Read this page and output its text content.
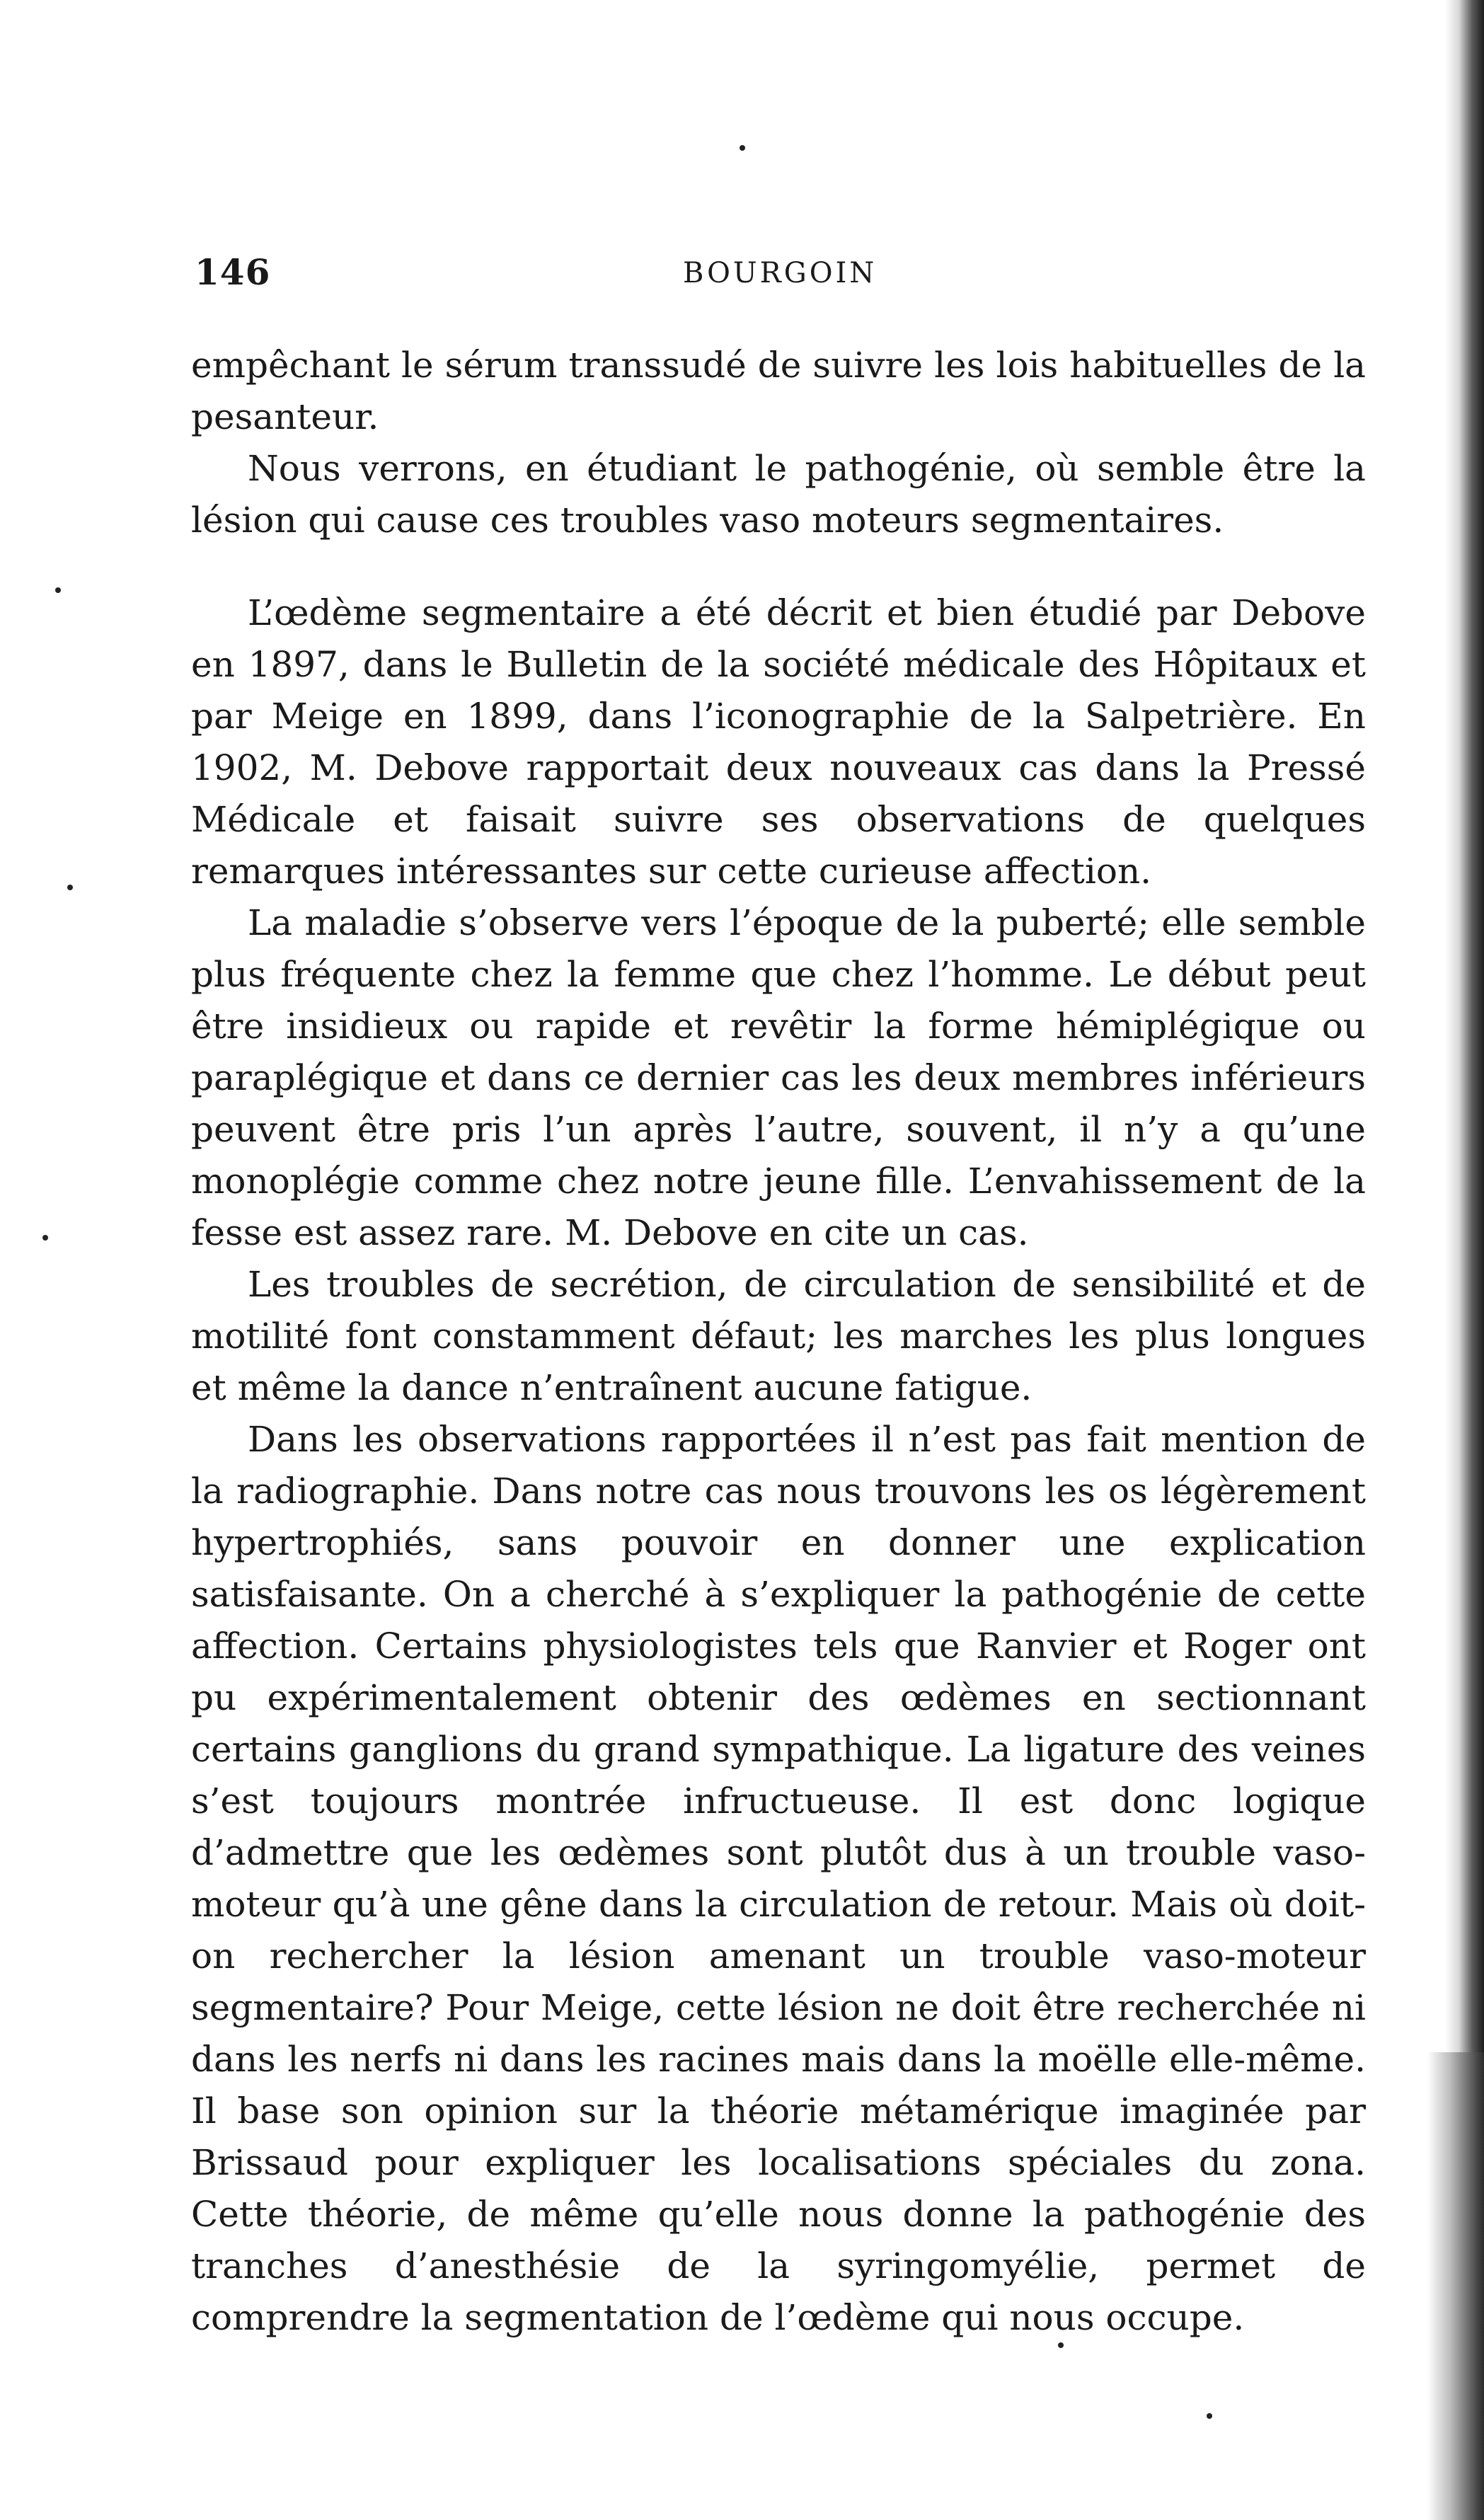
146	BOURGOIN

empêchant le sérum transsudé de suivre les lois habituelles de la pesanteur.

Nous verrons, en étudiant le pathogénie, où semble être la lésion qui cause ces troubles vaso moteurs segmentaires.

L’œdème segmentaire a été décrit et bien étudié par Debove en 1897, dans le Bulletin de la société médicale des Hôpitaux et par Meige en 1899, dans l’iconographie de la Salpetrière. En 1902, M. Debove rapportait deux nouveaux cas dans la Pressé Médicale et faisait suivre ses observations de quelques remarques intéressantes sur cette curieuse affection.

La maladie s’observe vers l’époque de la puberté; elle semble plus fréquente chez la femme que chez l’homme. Le début peut être insidieux ou rapide et revêtir la forme hémiplégique ou paraplégique et dans ce dernier cas les deux membres inférieurs peuvent être pris l’un après l’autre, souvent, il n’y a qu’une monoplégie comme chez notre jeune fille. L’envahissement de la fesse est assez rare. M. Debove en cite un cas.

Les troubles de secrétion, de circulation de sensibilité et de motilité font constamment défaut; les marches les plus longues et même la dance n’entraînent aucune fatigue.

Dans les observations rapportées il n’est pas fait mention de la radiographie. Dans notre cas nous trouvons les os légèrement hypertrophiés, sans pouvoir en donner une explication satisfaisante. On a cherché à s’expliquer la pathogénie de cette affection. Certains physiologistes tels que Ranvier et Roger ont pu expérimentalement obtenir des œdèmes en sectionnant certains ganglions du grand sympathique. La ligature des veines s’est toujours montrée infructueuse. Il est donc logique d’admettre que les œdèmes sont plutôt dus à un trouble vaso-moteur qu’à une gêne dans la circulation de retour. Mais où doit-on rechercher la lésion amenant un trouble vaso-moteur segmentaire? Pour Meige, cette lésion ne doit être recherchée ni dans les nerfs ni dans les racines mais dans la moëlle elle-même. Il base son opinion sur la théorie métamérique imaginée par Brissaud pour expliquer les localisations spéciales du zona. Cette théorie, de même qu’elle nous donne la pathogénie des tranches d’anesthésie de la syringomyélie, permet de comprendre la segmentation de l’œdème qui nous occupe.
